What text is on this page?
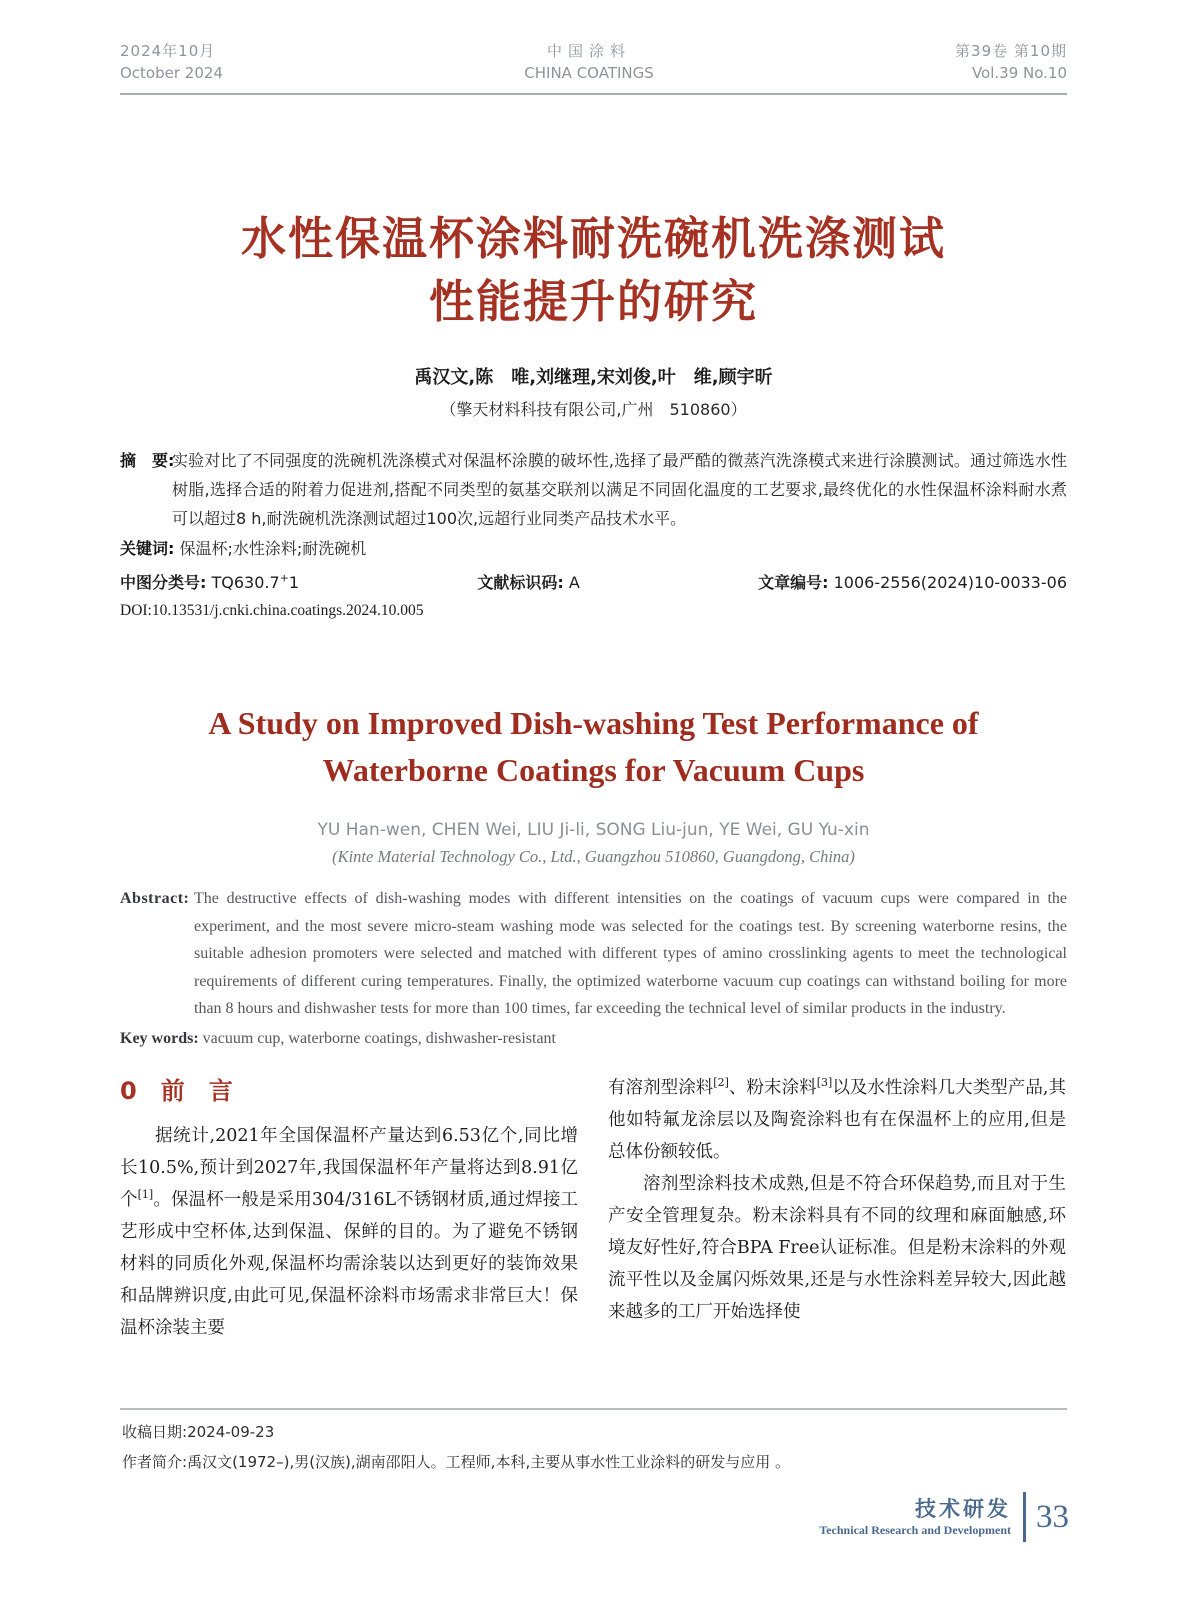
2024年10月
October 2024
中国涂料
CHINA COATINGS
第39卷 第10期
Vol.39 No.10
水性保温杯涂料耐洗碗机洗涤测试
性能提升的研究
禹汉文,陈　唯,刘继理,宋刘俊,叶　维,顾宇昕
（擎天材料科技有限公司,广州　510860）
摘　要:
实验对比了不同强度的洗碗机洗涤模式对保温杯涂膜的破坏性,选择了最严酷的微蒸汽洗涤模式来进行涂膜测试。通过筛选水性树脂,选择合适的附着力促进剂,搭配不同类型的氨基交联剂以满足不同固化温度的工艺要求,最终优化的水性保温杯涂料耐水煮可以超过8 h,耐洗碗机洗涤测试超过100次,远超行业同类产品技术水平。
关键词: 保温杯;水性涂料;耐洗碗机
中图分类号: TQ630.7+1	文献标识码: A	文章编号: 1006-2556(2024)10-0033-06
DOI:10.13531/j.cnki.china.coatings.2024.10.005
A Study on Improved Dish-washing Test Performance of
Waterborne Coatings for Vacuum Cups
YU Han-wen, CHEN Wei, LIU Ji-li, SONG Liu-jun, YE Wei, GU Yu-xin
(Kinte Material Technology Co., Ltd., Guangzhou 510860, Guangdong, China)
Abstract: The destructive effects of dish-washing modes with different intensities on the coatings of vacuum cups were compared in the experiment, and the most severe micro-steam washing mode was selected for the coatings test. By screening waterborne resins, the suitable adhesion promoters were selected and matched with different types of amino crosslinking agents to meet the technological requirements of different curing temperatures. Finally, the optimized waterborne vacuum cup coatings can withstand boiling for more than 8 hours and dishwasher tests for more than 100 times, far exceeding the technical level of similar products in the industry.
Key words: vacuum cup, waterborne coatings, dishwasher-resistant
0　前　言
据统计,2021年全国保温杯产量达到6.53亿个,同比增长10.5%,预计到2027年,我国保温杯年产量将达到8.91亿个[1]。保温杯一般是采用304/316L不锈钢材质,通过焊接工艺形成中空杯体,达到保温、保鲜的目的。为了避免不锈钢材料的同质化外观,保温杯均需涂装以达到更好的装饰效果和品牌辨识度,由此可见,保温杯涂料市场需求非常巨大！保温杯涂装主要
有溶剂型涂料[2]、粉末涂料[3]以及水性涂料几大类型产品,其他如特氟龙涂层以及陶瓷涂料也有在保温杯上的应用,但是总体份额较低。
溶剂型涂料技术成熟,但是不符合环保趋势,而且对于生产安全管理复杂。粉末涂料具有不同的纹理和麻面触感,环境友好性好,符合BPA Free认证标准。但是粉末涂料的外观流平性以及金属闪烁效果,还是与水性涂料差异较大,因此越来越多的工厂开始选择使
收稿日期:2024-09-23
作者简介:禹汉文(1972–),男(汉族),湖南邵阳人。工程师,本科,主要从事水性工业涂料的研发与应用 。
技术研发
Technical Research and Development 33
